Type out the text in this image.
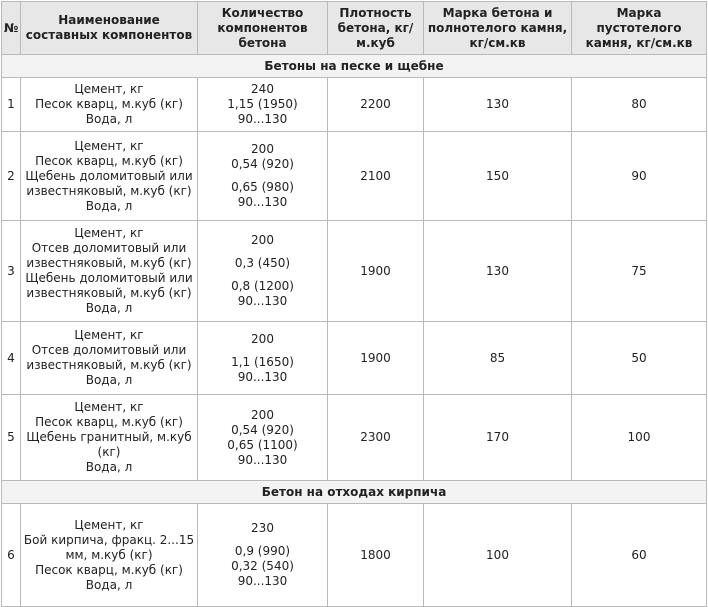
№	Наименование составных компонентов	Количество компонентов бетона	Плотность бетона, кг/м.куб	Марка бетона и полнотелого камня, кг/см.кв	Марка пустотелого камня, кг/см.кв
Бетоны на песке и щебне					
1	Цемент, кг
Песок кварц, м.куб (кг)
Вода, л	240
1,15 (1950)
90...130	2200	130	80
2	Цемент, кг
Песок кварц, м.куб (кг)
Щебень доломитовый или известняковый, м.куб (кг)
Вода, л	200
0,54 (920)
0,65 (980)
90...130	2100	150	90
3	Цемент, кг
Отсев доломитовый или известняковый, м.куб (кг)
Щебень доломитовый или известняковый, м.куб (кг)
Вода, л	200
0,3 (450)
0,8 (1200)
90...130	1900	130	75
4	Цемент, кг
Отсев доломитовый или известняковый, м.куб (кг)
Вода, л	200
1,1 (1650)
90...130	1900	85	50
5	Цемент, кг
Песок кварц, м.куб (кг)
Щебень гранитный, м.куб (кг)
Вода, л	200
0,54 (920)
0,65 (1100)
90...130	2300	170	100
Бетон на отходах кирпича					
6	Цемент, кг
Бой кирпича, фракц. 2...15 мм, м.куб (кг)
Песок кварц, м.куб (кг)
Вода, л	230
0,9 (990)
0,32 (540)
90...130	1800	100	60
